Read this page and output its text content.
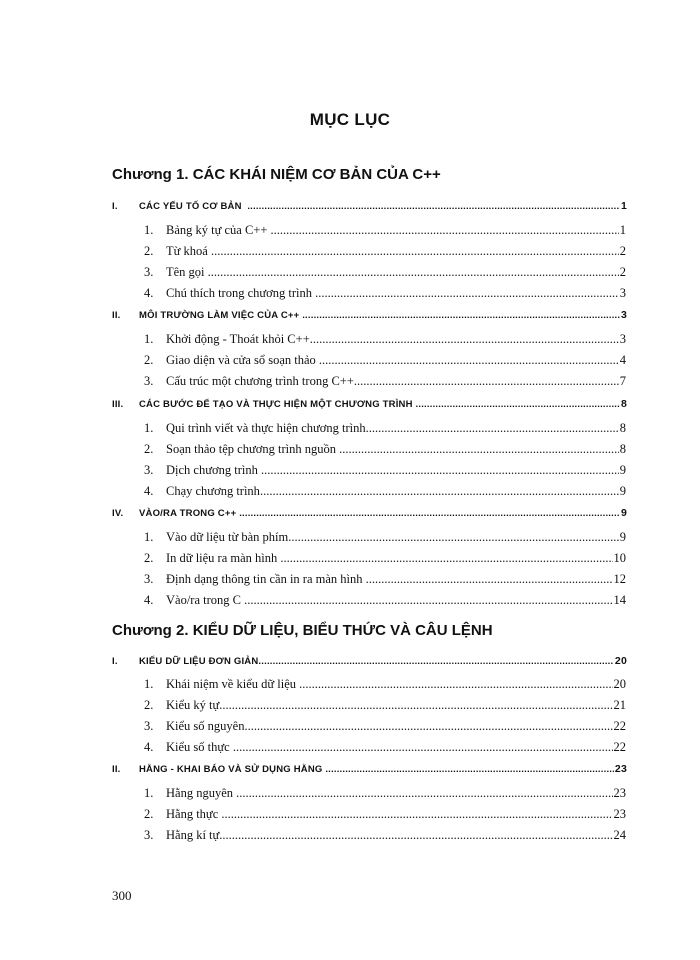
MỤC LỤC
Chương 1. CÁC KHÁI NIỆM CƠ BẢN CỦA C++
I. CÁC YẾU TỐ CƠ BẢN .....	1
1. Bảng ký tự của C++ .....	1
2. Từ khoá .....	2
3. Tên gọi .....	2
4. Chú thích trong chương trình .....	3
II. MÔI TRƯỜNG LÀM VIỆC CỦA C++ .....	3
1. Khởi động - Thoát khỏi C++ .....	3
2. Giao diện và cửa sổ soạn thảo .....	4
3. Cấu trúc một chương trình trong C++ .....	7
III. CÁC BƯỚC ĐỂ TẠO VÀ THỰC HIỆN MỘT CHƯƠNG TRÌNH .....	8
1. Qui trình viết và thực hiện chương trình .....	8
2. Soạn thảo tệp chương trình nguồn .....	8
3. Dịch chương trình .....	9
4. Chạy chương trình .....	9
IV. VÀO/RA TRONG C++ .....	9
1. Vào dữ liệu từ bàn phím .....	9
2. In dữ liệu ra màn hình .....	10
3. Định dạng thông tin cần in ra màn hình .....	12
4. Vào/ra trong C .....	14
Chương 2. KIỂU DỮ LIỆU, BIỂU THỨC VÀ CÂU LỆNH
I. KIỂU DỮ LIỆU ĐƠN GIẢN .....	20
1. Khái niệm về kiểu dữ liệu .....	20
2. Kiểu ký tự .....	21
3. Kiểu số nguyên .....	22
4. Kiểu số thực .....	22
II. HẰNG - KHAI BÁO VÀ SỬ DỤNG HẰNG .....	23
1. Hằng nguyên .....	23
2. Hằng thực .....	23
3. Hằng kí tự .....	24
300
